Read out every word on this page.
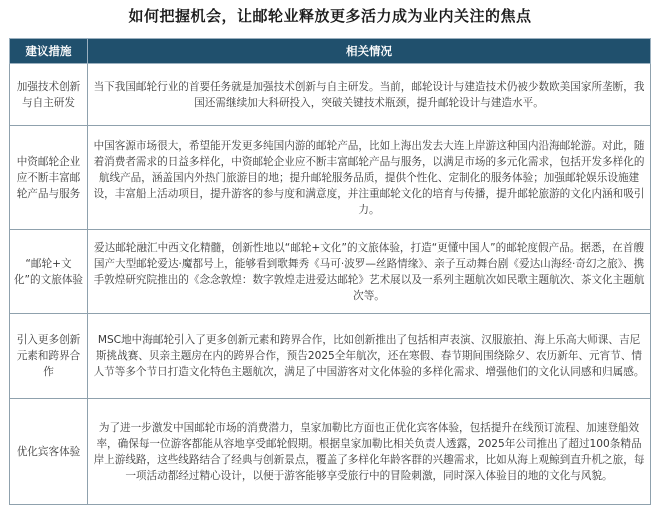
如何把握机会，让邮轮业释放更多活力成为业内关注的焦点
建议措施	相关情况
加强技术创新与自主研发	当下我国邮轮行业的首要任务就是加强技术创新与自主研发。当前，邮轮设计与建造技术仍被少数欧美国家所垄断，我国还需继续加大科研投入，突破关键技术瓶颈，提升邮轮设计与建造水平。
中资邮轮企业应不断丰富邮轮产品与服务	中国客源市场很大，希望能开发更多纯国内游的邮轮产品，比如上海出发去大连上岸游这种国内沿海邮轮游。对此，随着消费者需求的日益多样化，中资邮轮企业应不断丰富邮轮产品与服务，以满足市场的多元化需求，包括开发多样化的航线产品，涵盖国内外热门旅游目的地；提升邮轮服务品质，提供个性化、定制化的服务体验；加强邮轮娱乐设施建设，丰富船上活动项目，提升游客的参与度和满意度，并注重邮轮文化的培育与传播，提升邮轮旅游的文化内涵和吸引力。
“邮轮+文化”的文旅体验	爱达邮轮融汇中西文化精髓，创新性地以“邮轮+文化”的文旅体验，打造“更懂中国人”的邮轮度假产品。据悉，在首艘国产大型邮轮爱达·魔都号上，能够看到歌舞秀《马可·波罗—丝路情缘》、亲子互动舞台剧《爱达山海经·奇幻之旅》、携手敦煌研究院推出的《念念敦煌：数字敦煌走进爱达邮轮》艺术展以及一系列主题航次如民歌主题航次、茶文化主题航次等。
引入更多创新元素和跨界合作	MSC地中海邮轮引入了更多创新元素和跨界合作，比如创新推出了包括相声表演、汉服旅拍、海上乐高大师课、吉尼斯挑战赛、贝亲主题房在内的跨界合作，预告2025全年航次，还在寒假、春节期间围绕除夕、农历新年、元宵节、情人节等多个节日打造文化特色主题航次，满足了中国游客对文化体验的多样化需求、增强他们的文化认同感和归属感。
优化宾客体验	为了进一步激发中国邮轮市场的消费潜力，皇家加勒比方面也正优化宾客体验，包括提升在线预订流程、加速登船效率，确保每一位游客都能从容地享受邮轮假期。根据皇家加勒比相关负责人透露，2025年公司推出了超过100条精品岸上游线路，这些线路结合了经典与创新景点，覆盖了多样化年龄客群的兴趣需求，比如从海上观鲸到直升机之旅，每一项活动都经过精心设计，以便于游客能够享受旅行中的冒险刺激，同时深入体验目的地的文化与风貌。
